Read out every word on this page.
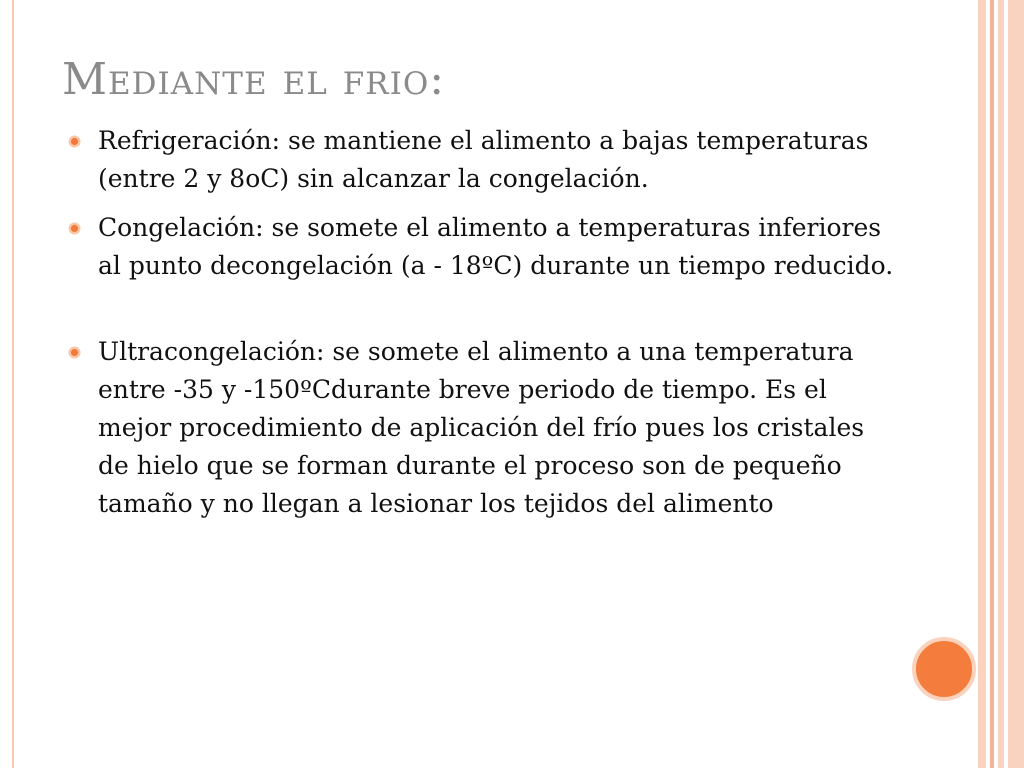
Mediante el frio:
Refrigeración: se mantiene el alimento a bajas temperaturas (entre 2 y 8oC) sin alcanzar la congelación.
Congelación: se somete el alimento a temperaturas inferiores al punto decongelación (a - 18ºC) durante un tiempo reducido.
Ultracongelación: se somete el alimento a una temperatura entre -35 y -150ºCdurante breve periodo de tiempo. Es el mejor procedimiento de aplicación del frío pues los cristales de hielo que se forman durante el proceso son de pequeño tamaño y no llegan a lesionar los tejidos del alimento
